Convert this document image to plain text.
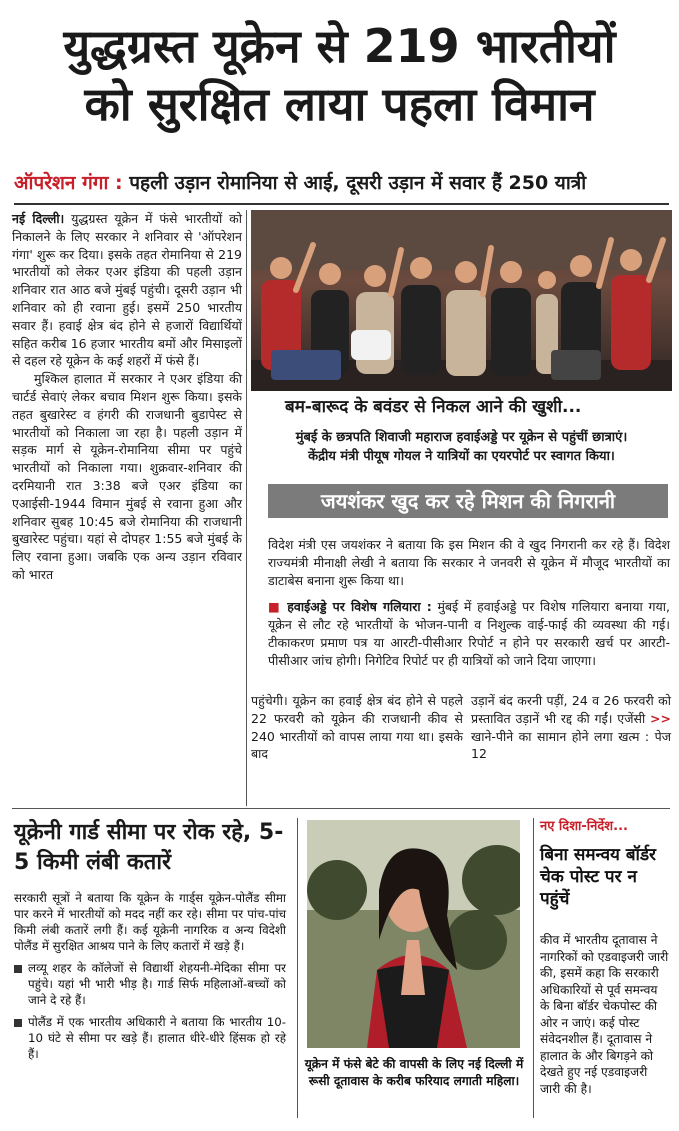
युद्धग्रस्त यूक्रेन से 219 भारतीयों
को सुरक्षित लाया पहला विमान
ऑपरेशन गंगा : पहली उड़ान रोमानिया से आई, दूसरी उड़ान में सवार हैं 250 यात्री

नई दिल्ली। युद्धग्रस्त यूक्रेन में फंसे भारतीयों को निकालने के लिए सरकार ने शनिवार से 'ऑपरेशन गंगा' शुरू कर दिया। इसके तहत रोमानिया से 219 भारतीयों को लेकर एअर इंडिया की पहली उड़ान शनिवार रात आठ बजे मुंबई पहुंची। दूसरी उड़ान भी शनिवार को ही रवाना हुई। इसमें 250 भारतीय सवार हैं। हवाई क्षेत्र बंद होने से हजारों विद्यार्थियों सहित करीब 16 हजार भारतीय बमों और मिसाइलों से दहल रहे यूक्रेन के कई शहरों में फंसे हैं।

मुश्किल हालात में सरकार ने एअर इंडिया की चार्टर्ड सेवाएं लेकर बचाव मिशन शुरू किया। इसके तहत बुखारेस्ट व हंगरी की राजधानी बुडापेस्ट से भारतीयों को निकाला जा रहा है। पहली उड़ान में सड़क मार्ग से यूक्रेन-रोमानिया सीमा पर पहुंचे भारतीयों को निकाला गया। शुक्रवार-शनिवार की दरमियानी रात 3:38 बजे एअर इंडिया का एआईसी-1944 विमान मुंबई से रवाना हुआ और शनिवार सुबह 10:45 बजे रोमानिया की राजधानी बुखारेस्ट पहुंचा। यहां से दोपहर 1:55 बजे मुंबई के लिए रवाना हुआ। जबकि एक अन्य उड़ान रविवार को भारत

बम-बारूद के बवंडर से निकल आने की खुशी...
मुंबई के छत्रपति शिवाजी महाराज हवाईअड्डे पर यूक्रेन से पहुंचीं छात्राएं।
केंद्रीय मंत्री पीयूष गोयल ने यात्रियों का एयरपोर्ट पर स्वागत किया।
जयशंकर खुद कर रहे मिशन की निगरानी

विदेश मंत्री एस जयशंकर ने बताया कि इस मिशन की वे खुद निगरानी कर रहे हैं। विदेश राज्यमंत्री मीनाक्षी लेखी ने बताया कि सरकार ने जनवरी से यूक्रेन में मौजूद भारतीयों का डाटाबेस बनाना शुरू किया था।

■ हवाईअड्डे पर विशेष गलियारा : मुंबई में हवाईअड्डे पर विशेष गलियारा बनाया गया, यूक्रेन से लौट रहे भारतीयों के भोजन-पानी व निशुल्क वाई-फाई की व्यवस्था की गई। टीकाकरण प्रमाण पत्र या आरटी-पीसीआर रिपोर्ट न होने पर सरकारी खर्च पर आरटी-पीसीआर जांच होगी। निगेटिव रिपोर्ट पर ही यात्रियों को जाने दिया जाएगा।

पहुंचेगी। यूक्रेन का हवाई क्षेत्र बंद होने से पहले 22 फरवरी को यूक्रेन की राजधानी कीव से 240 भारतीयों को वापस लाया गया था। इसके बाद
उड़ानें बंद करनी पड़ीं, 24 व 26 फरवरी को प्रस्तावित उड़ानें भी रद्द की गईं। एजेंसी >> खाने-पीने का सामान होने लगा खत्म : पेज 12
यूक्रेनी गार्ड सीमा पर रोक रहे, 5-5 किमी लंबी कतारें

सरकारी सूत्रों ने बताया कि यूक्रेन के गार्ड्स यूक्रेन-पोलैंड सीमा पार करने में भारतीयों को मदद नहीं कर रहे। सीमा पर पांच-पांच किमी लंबी कतारें लगी हैं। कई यूक्रेनी नागरिक व अन्य विदेशी पोलैंड में सुरक्षित आश्रय पाने के लिए कतारों में खड़े हैं।

लव्यू शहर के कॉलेजों से विद्यार्थी शेहयनी-मेदिका सीमा पर पहुंचे। यहां भी भारी भीड़ है। गार्ड सिर्फ महिलाओं-बच्चों को जाने दे रहे हैं।

पोलैंड में एक भारतीय अधिकारी ने बताया कि भारतीय 10-10 घंटे से सीमा पर खड़े हैं। हालात धीरे-धीरे हिंसक हो रहे हैं।

यूक्रेन में फंसे बेटे की वापसी के लिए नई दिल्ली में रूसी दूतावास के करीब फरियाद लगाती महिला।
नए दिशा-निर्देश...
बिना समन्वय बॉर्डर चेक पोस्ट पर न पहुंचें
कीव में भारतीय दूतावास ने नागरिकों को एडवाइजरी जारी की, इसमें कहा कि सरकारी अधिकारियों से पूर्व समन्वय के बिना बॉर्डर चेकपोस्ट की ओर न जाएं। कई पोस्ट संवेदनशील हैं। दूतावास ने हालात के और बिगड़ने को देखते हुए नई एडवाइजरी जारी की है।
